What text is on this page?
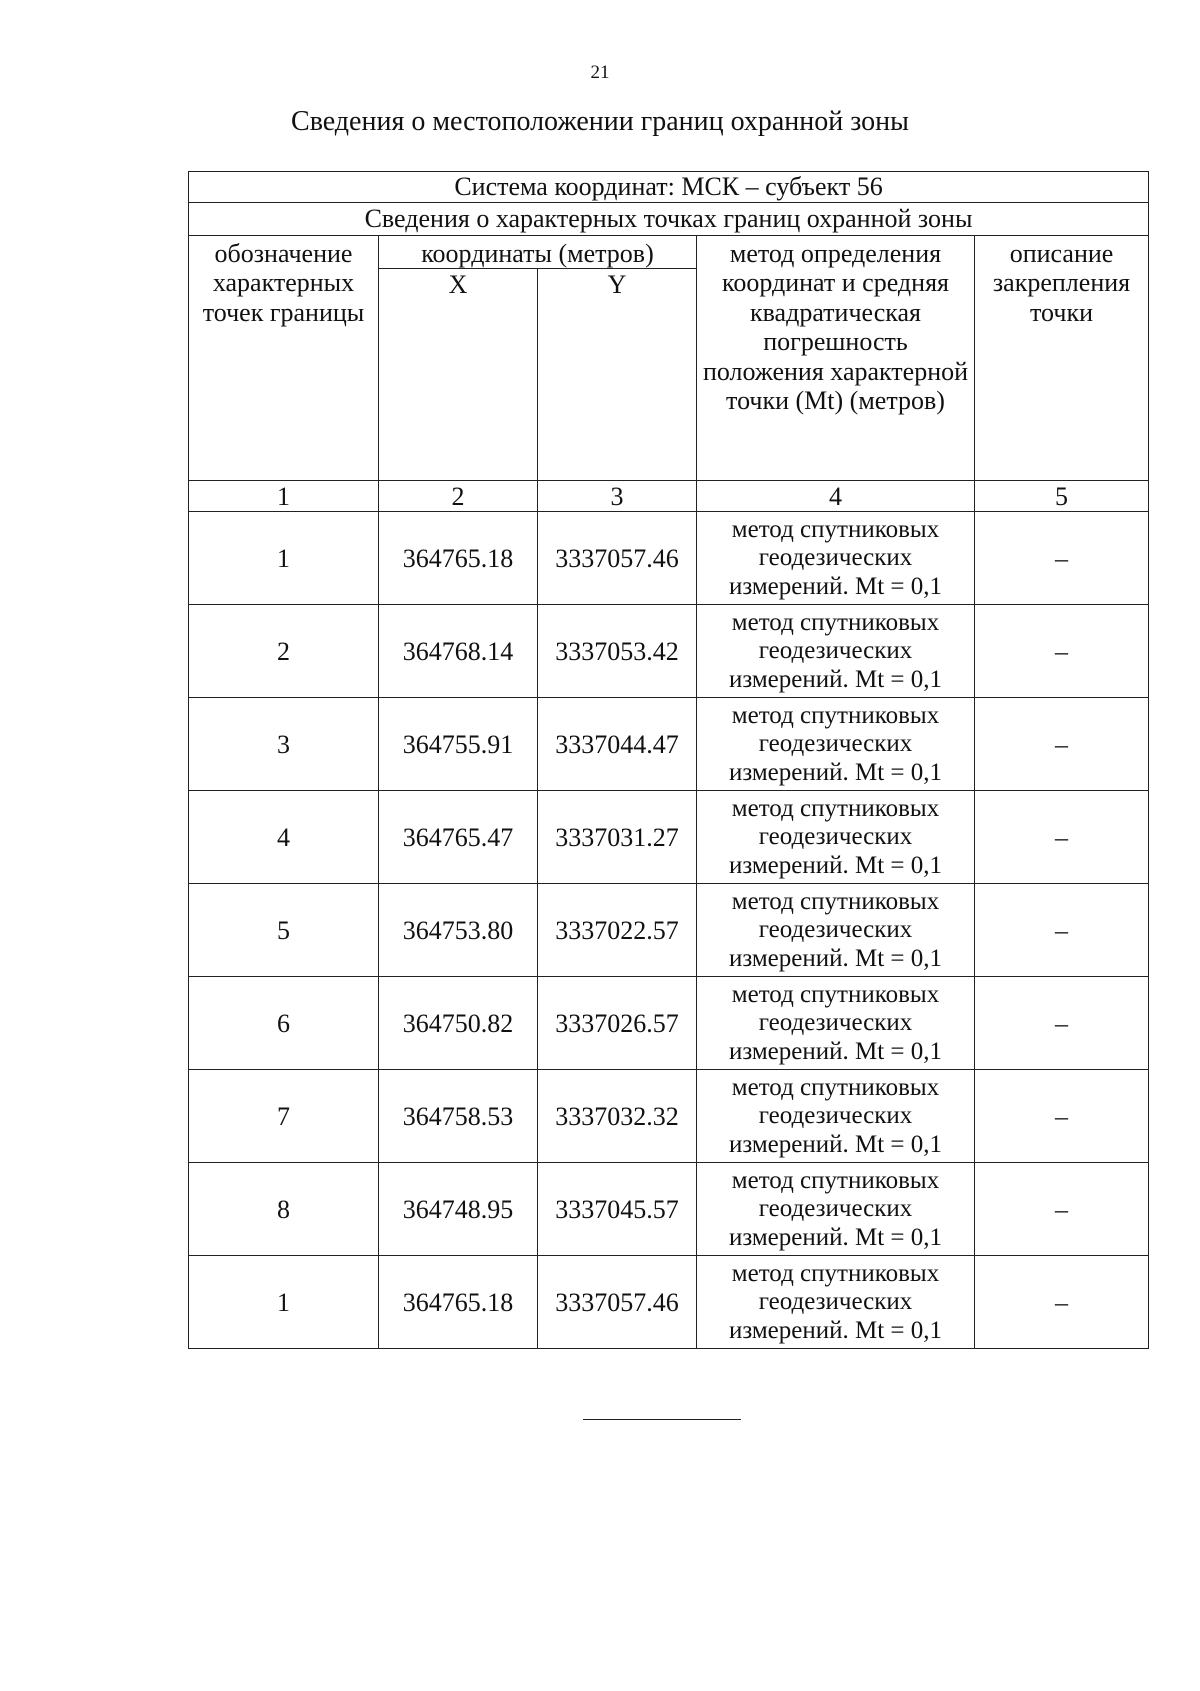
21
Сведения о местоположении границ охранной зоны
Система координат: МСК – субъект 56				
Сведения о характерных точках границ охранной зоны				
обозначение характерных точек границы	координаты (метров)		метод определения координат и средняя квадратическая погрешность положения характерной точки (Mt) (метров)	описание закрепления точки
	X	Y		
1	2	3	4	5
1	364765.18	3337057.46	метод спутниковых геодезических измерений. Mt = 0,1	–
2	364768.14	3337053.42	метод спутниковых геодезических измерений. Mt = 0,1	–
3	364755.91	3337044.47	метод спутниковых геодезических измерений. Mt = 0,1	–
4	364765.47	3337031.27	метод спутниковых геодезических измерений. Mt = 0,1	–
5	364753.80	3337022.57	метод спутниковых геодезических измерений. Mt = 0,1	–
6	364750.82	3337026.57	метод спутниковых геодезических измерений. Mt = 0,1	–
7	364758.53	3337032.32	метод спутниковых геодезических измерений. Mt = 0,1	–
8	364748.95	3337045.57	метод спутниковых геодезических измерений. Mt = 0,1	–
1	364765.18	3337057.46	метод спутниковых геодезических измерений. Mt = 0,1	–
